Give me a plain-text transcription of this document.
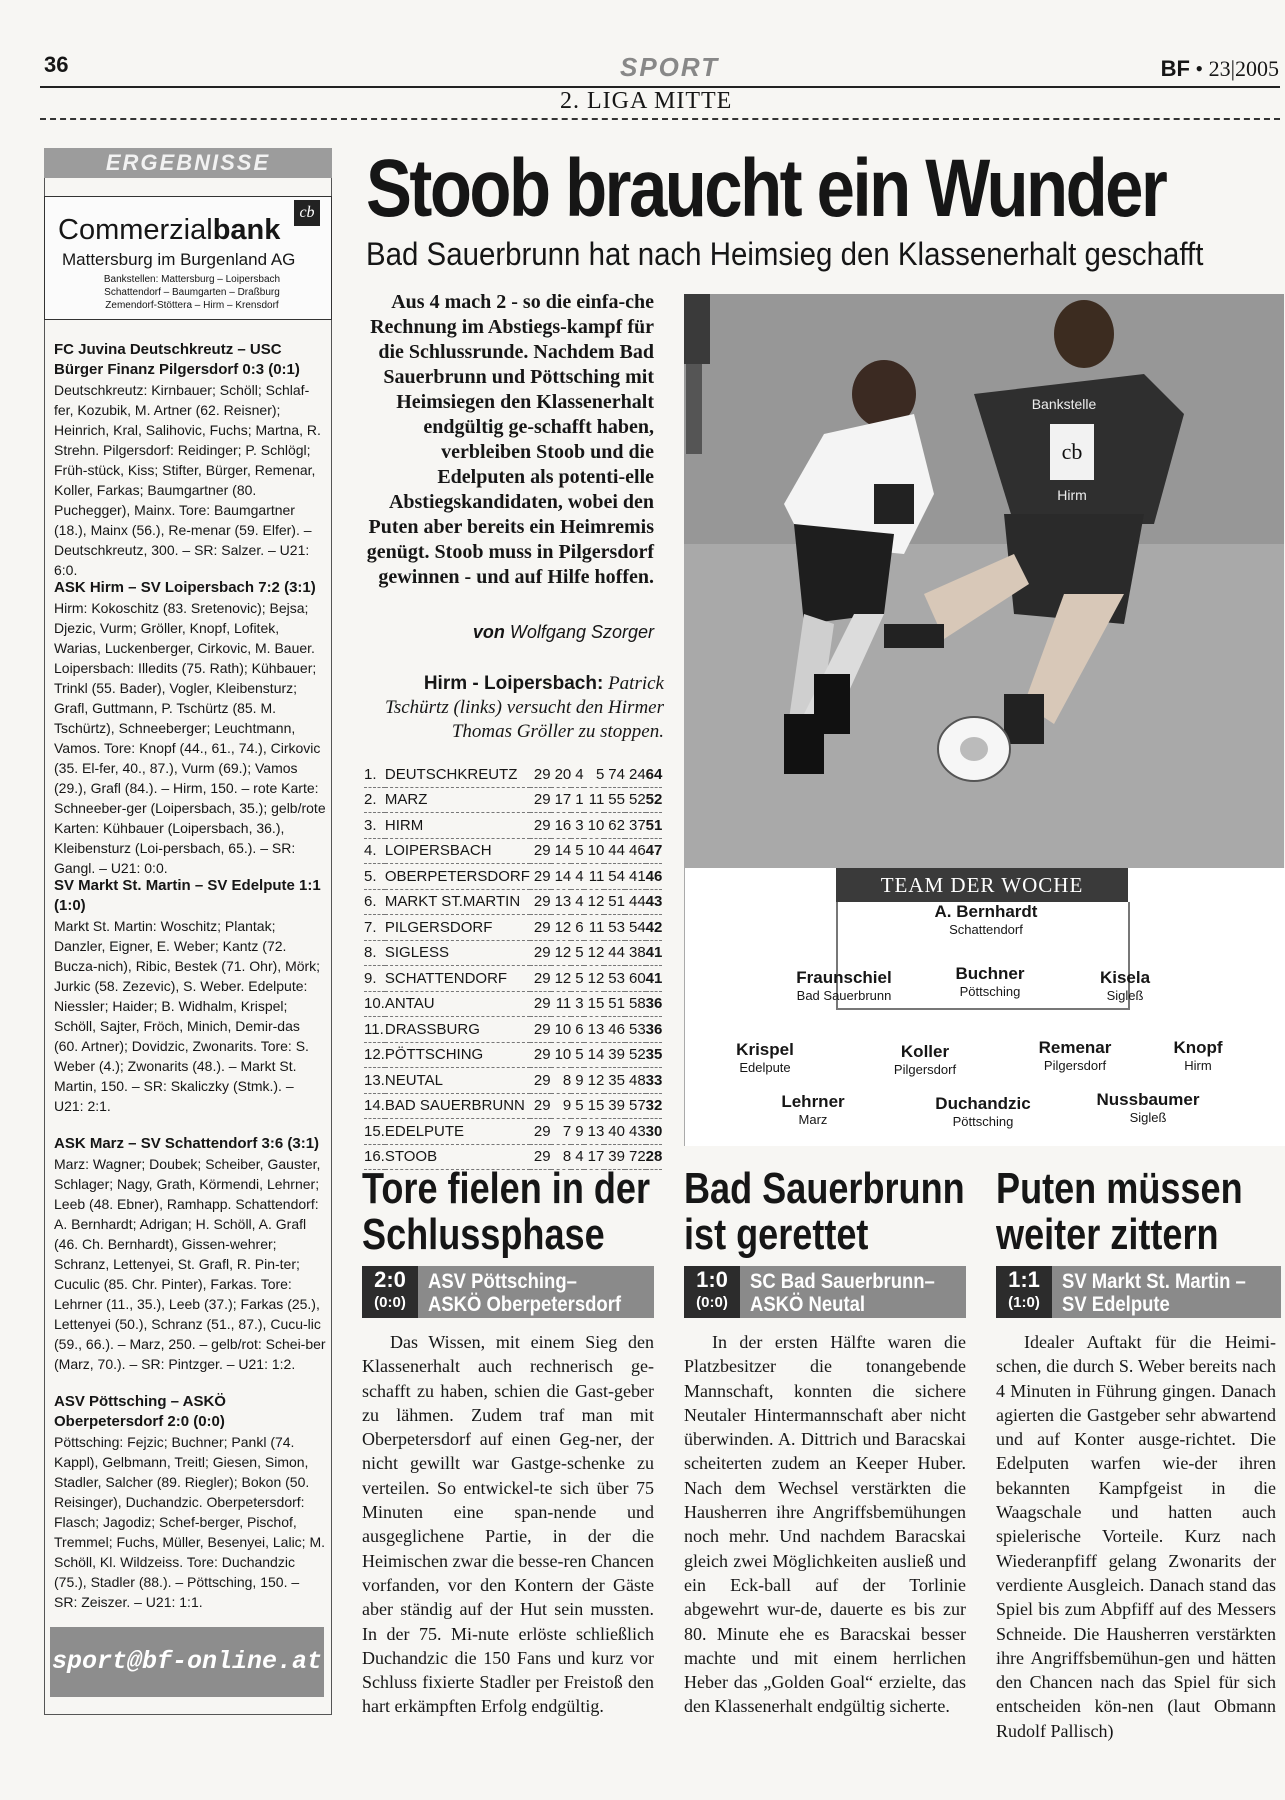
36	SPORT	BF • 23|2005
2. LIGA MITTE
ERGEBNISSE
Commerzialbank
cb
Mattersburg im Burgenland AG
Bankstellen: Mattersburg – Loipersbach
Schattendorf – Baumgarten – Draßburg
Zemendorf-Stöttera – Hirm – Krensdorf
FC Juvina Deutschkreutz – USC Bürger Finanz Pilgersdorf 0:3 (0:1)
Deutschkreutz: Kirnbauer; Schöll; Schlaf-fer, Kozubik, M. Artner (62. Reisner); Heinrich, Kral, Salihovic, Fuchs; Martna, R. Strehn. Pilgersdorf: Reidinger; P. Schlögl; Früh-stück, Kiss; Stifter, Bürger, Remenar, Koller, Farkas; Baumgartner (80. Puchegger), Mainx. Tore: Baumgartner (18.), Mainx (56.), Re-menar (59. Elfer). – Deutschkreutz, 300. – SR: Salzer. – U21: 6:0.
ASK Hirm – SV Loipersbach 7:2 (3:1)
Hirm: Kokoschitz (83. Sretenovic); Bejsa; Djezic, Vurm; Gröller, Knopf, Lofitek, Warias, Luckenberger, Cirkovic, M. Bauer. Loipersbach: Illedits (75. Rath); Kühbauer; Trinkl (55. Bader), Vogler, Kleibensturz; Grafl, Guttmann, P. Tschürtz (85. M. Tschürtz), Schneeberger; Leuchtmann, Vamos. Tore: Knopf (44., 61., 74.), Cirkovic (35. El-fer, 40., 87.), Vurm (69.); Vamos (29.), Grafl (84.). – Hirm, 150. – rote Karte: Schneeber-ger (Loipersbach, 35.); gelb/rote Karten: Kühbauer (Loipersbach, 36.), Kleibensturz (Loi-persbach, 65.). – SR: Gangl. – U21: 0:0.
SV Markt St. Martin – SV Edelpute 1:1 (1:0)
Markt St. Martin: Woschitz; Plantak; Danzler, Eigner, E. Weber; Kantz (72. Bucza-nich), Ribic, Bestek (71. Ohr), Mörk; Jurkic (58. Zezevic), S. Weber. Edelpute: Niessler; Haider; B. Widhalm, Krispel; Schöll, Sajter, Fröch, Minich, Demir-das (60. Artner); Dovidzic, Zwonarits. Tore: S. Weber (4.); Zwonarits (48.). – Markt St. Martin, 150. – SR: Skaliczky (Stmk.). – U21: 2:1.
ASK Marz – SV Schattendorf 3:6 (3:1)
Marz: Wagner; Doubek; Scheiber, Gauster, Schlager; Nagy, Grath, Körmendi, Lehrner; Leeb (48. Ebner), Ramhapp. Schattendorf: A. Bernhardt; Adrigan; H. Schöll, A. Grafl (46. Ch. Bernhardt), Gissen-wehrer; Schranz, Lettenyei, St. Grafl, R. Pin-ter; Cuculic (85. Chr. Pinter), Farkas. Tore: Lehrner (11., 35.), Leeb (37.); Farkas (25.), Lettenyei (50.), Schranz (51., 87.), Cucu-lic (59., 66.). – Marz, 250. – gelb/rot: Schei-ber (Marz, 70.). – SR: Pintzger. – U21: 1:2.
ASV Pöttsching – ASKÖ Oberpetersdorf 2:0 (0:0)
Pöttsching: Fejzic; Buchner; Pankl (74. Kappl), Gelbmann, Treitl; Giesen, Simon, Stadler, Salcher (89. Riegler); Bokon (50. Reisinger), Duchandzic. Oberpetersdorf: Flasch; Jagodiz; Schef-berger, Pischof, Tremmel; Fuchs, Müller, Besenyei, Lalic; M. Schöll, Kl. Wildzeiss. Tore: Duchandzic (75.), Stadler (88.). – Pöttsching, 150. – SR: Zeiszer. – U21: 1:1.
sport@bf-online.at
Stoob braucht ein Wunder
Bad Sauerbrunn hat nach Heimsieg den Klassenerhalt geschafft
Aus 4 mach 2 - so die einfa-che Rechnung im Abstiegs-kampf für die Schlussrunde. Nachdem Bad Sauerbrunn und Pöttsching mit Heimsiegen den Klassenerhalt endgültig ge-schafft haben, verbleiben Stoob und die Edelputen als potenti-elle Abstiegskandidaten, wobei den Puten aber bereits ein Heimremis genügt. Stoob muss in Pilgersdorf gewinnen - und auf Hilfe hoffen.
von Wolfgang Szorger
Hirm - Loipersbach: Patrick Tschürtz (links) versucht den Hirmer Thomas Gröller zu stoppen.
1.	DEUTSCHKREUTZ	29	20	4	5	74	24	64
2.	MARZ	29	17	1	11	55	52	52
3.	HIRM	29	16	3	10	62	37	51
4.	LOIPERSBACH	29	14	5	10	44	46	47
5.	OBERPETERSDORF	29	14	4	11	54	41	46
6.	MARKT ST.MARTIN	29	13	4	12	51	44	43
7.	PILGERSDORF	29	12	6	11	53	54	42
8.	SIGLESS	29	12	5	12	44	38	41
9.	SCHATTENDORF	29	12	5	12	53	60	41
10.	ANTAU	29	11	3	15	51	58	36
11.	DRASSBURG	29	10	6	13	46	53	36
12.	PÖTTSCHING	29	10	5	14	39	52	35
13.	NEUTAL	29	8	9	12	35	48	33
14.	BAD SAUERBRUNN	29	9	5	15	39	57	32
15.	EDELPUTE	29	7	9	13	40	43	30
16.	STOOB	29	8	4	17	39	72	28
cb
Bankstelle
Hirm
TEAM DER WOCHE
A. Bernhardt
Schattendorf
Fraunschiel
Bad Sauerbrunn
Buchner
Pöttsching
Kisela
Sigleß
Krispel
Edelpute
Koller
Pilgersdorf
Remenar
Pilgersdorf
Knopf
Hirm
Lehrner
Marz
Duchandzic
Pöttsching
Nussbaumer
Sigleß
Tore fielen in der
Schlussphase
2:0
(0:0)
ASV Pöttsching–
ASKÖ Oberpetersdorf

Das Wissen, mit einem Sieg den Klassenerhalt auch rechnerisch ge-schafft zu haben, schien die Gast-geber zu lähmen. Zudem traf man mit Oberpetersdorf auf einen Geg-ner, der nicht gewillt war Gastge-schenke zu verteilen. So entwickel-te sich über 75 Minuten eine span-nende und ausgeglichene Partie, in der die Heimischen zwar die besse-ren Chancen vorfanden, vor den Kontern der Gäste aber ständig auf der Hut sein mussten. In der 75. Mi-nute erlöste schließlich Duchandzic die 150 Fans und kurz vor Schluss fixierte Stadler per Freistoß den hart erkämpften Erfolg endgültig.

Bad Sauerbrunn
ist gerettet
1:0
(0:0)
SC Bad Sauerbrunn–
ASKÖ Neutal

In der ersten Hälfte waren die Platzbesitzer die tonangebende Mannschaft, konnten die sichere Neutaler Hintermannschaft aber nicht überwinden. A. Dittrich und Baracskai scheiterten zudem an Keeper Huber. Nach dem Wechsel verstärkten die Hausherren ihre Angriffsbemühungen noch mehr. Und nachdem Baracskai gleich zwei Möglichkeiten ausließ und ein Eck-ball auf der Torlinie abgewehrt wur-de, dauerte es bis zur 80. Minute ehe es Baracskai besser machte und mit einem herrlichen Heber das „Golden Goal“ erzielte, das den Klassenerhalt endgültig sicherte.

Puten müssen
weiter zittern
1:1
(1:0)
SV Markt St. Martin –
SV Edelpute

Idealer Auftakt für die Heimi-schen, die durch S. Weber bereits nach 4 Minuten in Führung gingen. Danach agierten die Gastgeber sehr abwartend und auf Konter ausge-richtet. Die Edelputen warfen wie-der ihren bekannten Kampfgeist in die Waagschale und hatten auch spielerische Vorteile. Kurz nach Wiederanpfiff gelang Zwonarits der verdiente Ausgleich. Danach stand das Spiel bis zum Abpfiff auf des Messers Schneide. Die Hausherren verstärkten ihre Angriffsbemühun-gen und hätten den Chancen nach das Spiel für sich entscheiden kön-nen (laut Obmann Rudolf Pallisch)
